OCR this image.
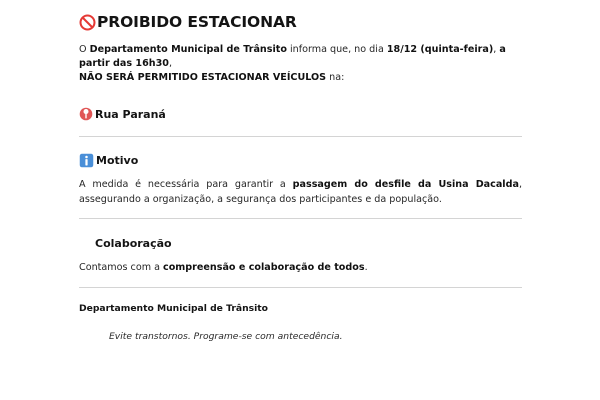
PROIBIDO ESTACIONAR
O Departamento Municipal de Trânsito informa que, no dia 18/12 (quinta-feira), a partir das 16h30,
NÃO SERÁ PERMITIDO ESTACIONAR VEÍCULOS na:
Rua Paraná
Motivo
A medida é necessária para garantir a passagem do desfile da Usina Dacalda, assegurando a organização, a segurança dos participantes e da população.
Colaboração
Contamos com a compreensão e colaboração de todos.
Departamento Municipal de Trânsito
Evite transtornos. Programe-se com antecedência.
